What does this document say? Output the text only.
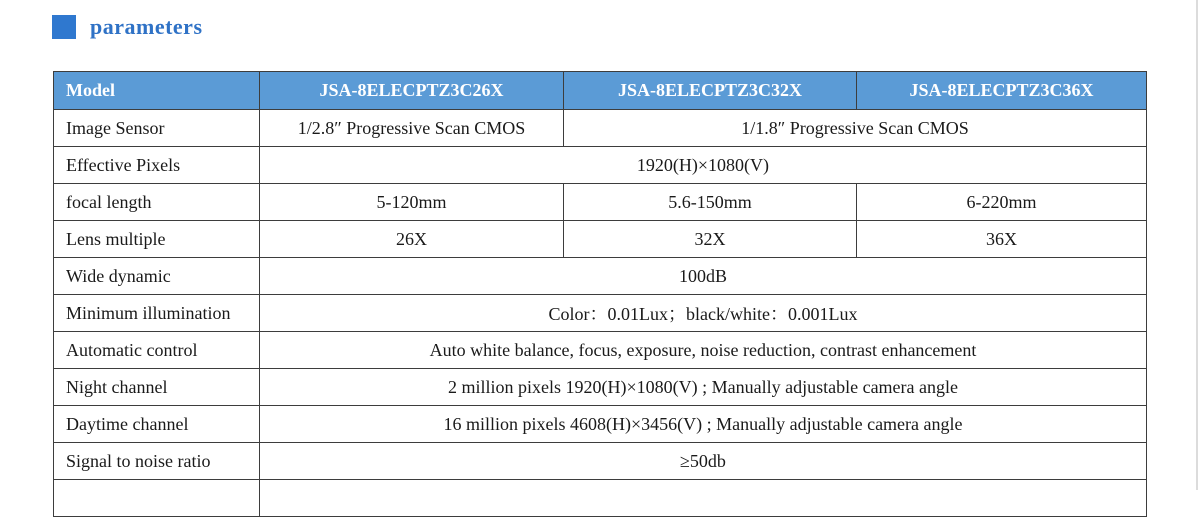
parameters
Model	JSA-8ELECPTZ3C26X	JSA-8ELECPTZ3C32X	JSA-8ELECPTZ3C36X
Image Sensor	1/2.8″ Progressive Scan CMOS	1/1.8″ Progressive Scan CMOS	
Effective Pixels	1920(H)×1080(V)		
focal length	5-120mm	5.6-150mm	6-220mm
Lens multiple	26X	32X	36X
Wide dynamic	100dB		
Minimum illumination	Color：0.01Lux；black/white：0.001Lux		
Automatic control	Auto white balance, focus, exposure, noise reduction, contrast enhancement		
Night channel	2 million pixels 1920(H)×1080(V) ; Manually adjustable camera angle		
Daytime channel	16 million pixels 4608(H)×3456(V) ; Manually adjustable camera angle		
Signal to noise ratio	≥50db		
